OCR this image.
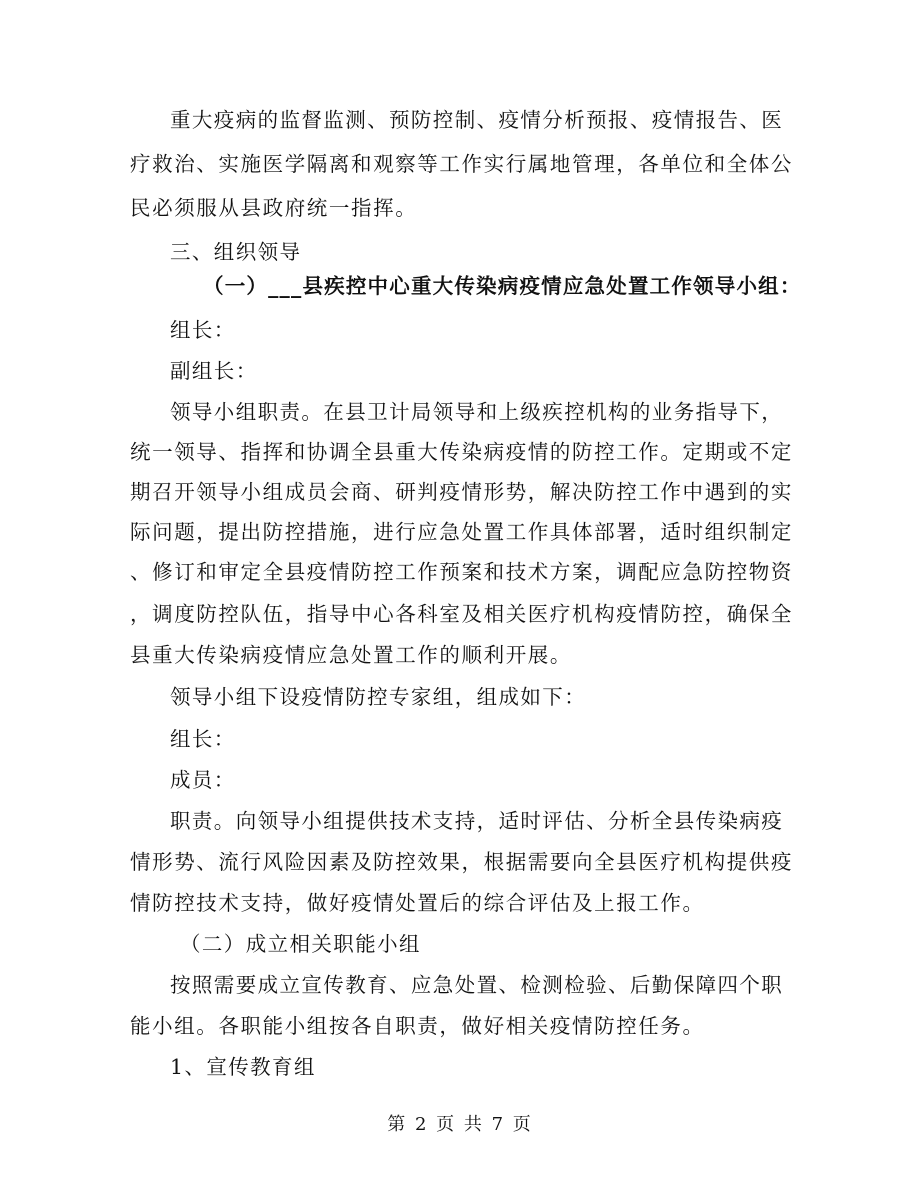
重大疫病的监督监测、预防控制、疫情分析预报、疫情报告、医
疗救治、实施医学隔离和观察等工作实行属地管理，各单位和全体公
民必须服从县政府统一指挥。
三、组织领导
（一）___县疾控中心重大传染病疫情应急处置工作领导小组：
组长：
副组长：
领导小组职责。在县卫计局领导和上级疾控机构的业务指导下，
统一领导、指挥和协调全县重大传染病疫情的防控工作。定期或不定
期召开领导小组成员会商、研判疫情形势，解决防控工作中遇到的实
际问题，提出防控措施，进行应急处置工作具体部署，适时组织制定
、修订和审定全县疫情防控工作预案和技术方案，调配应急防控物资
，调度防控队伍，指导中心各科室及相关医疗机构疫情防控，确保全
县重大传染病疫情应急处置工作的顺利开展。
领导小组下设疫情防控专家组，组成如下：
组长：
成员：
职责。向领导小组提供技术支持，适时评估、分析全县传染病疫
情形势、流行风险因素及防控效果，根据需要向全县医疗机构提供疫
情防控技术支持，做好疫情处置后的综合评估及上报工作。
（二）成立相关职能小组
按照需要成立宣传教育、应急处置、检测检验、后勤保障四个职
能小组。各职能小组按各自职责，做好相关疫情防控任务。
1、宣传教育组
第 2 页 共 7 页
